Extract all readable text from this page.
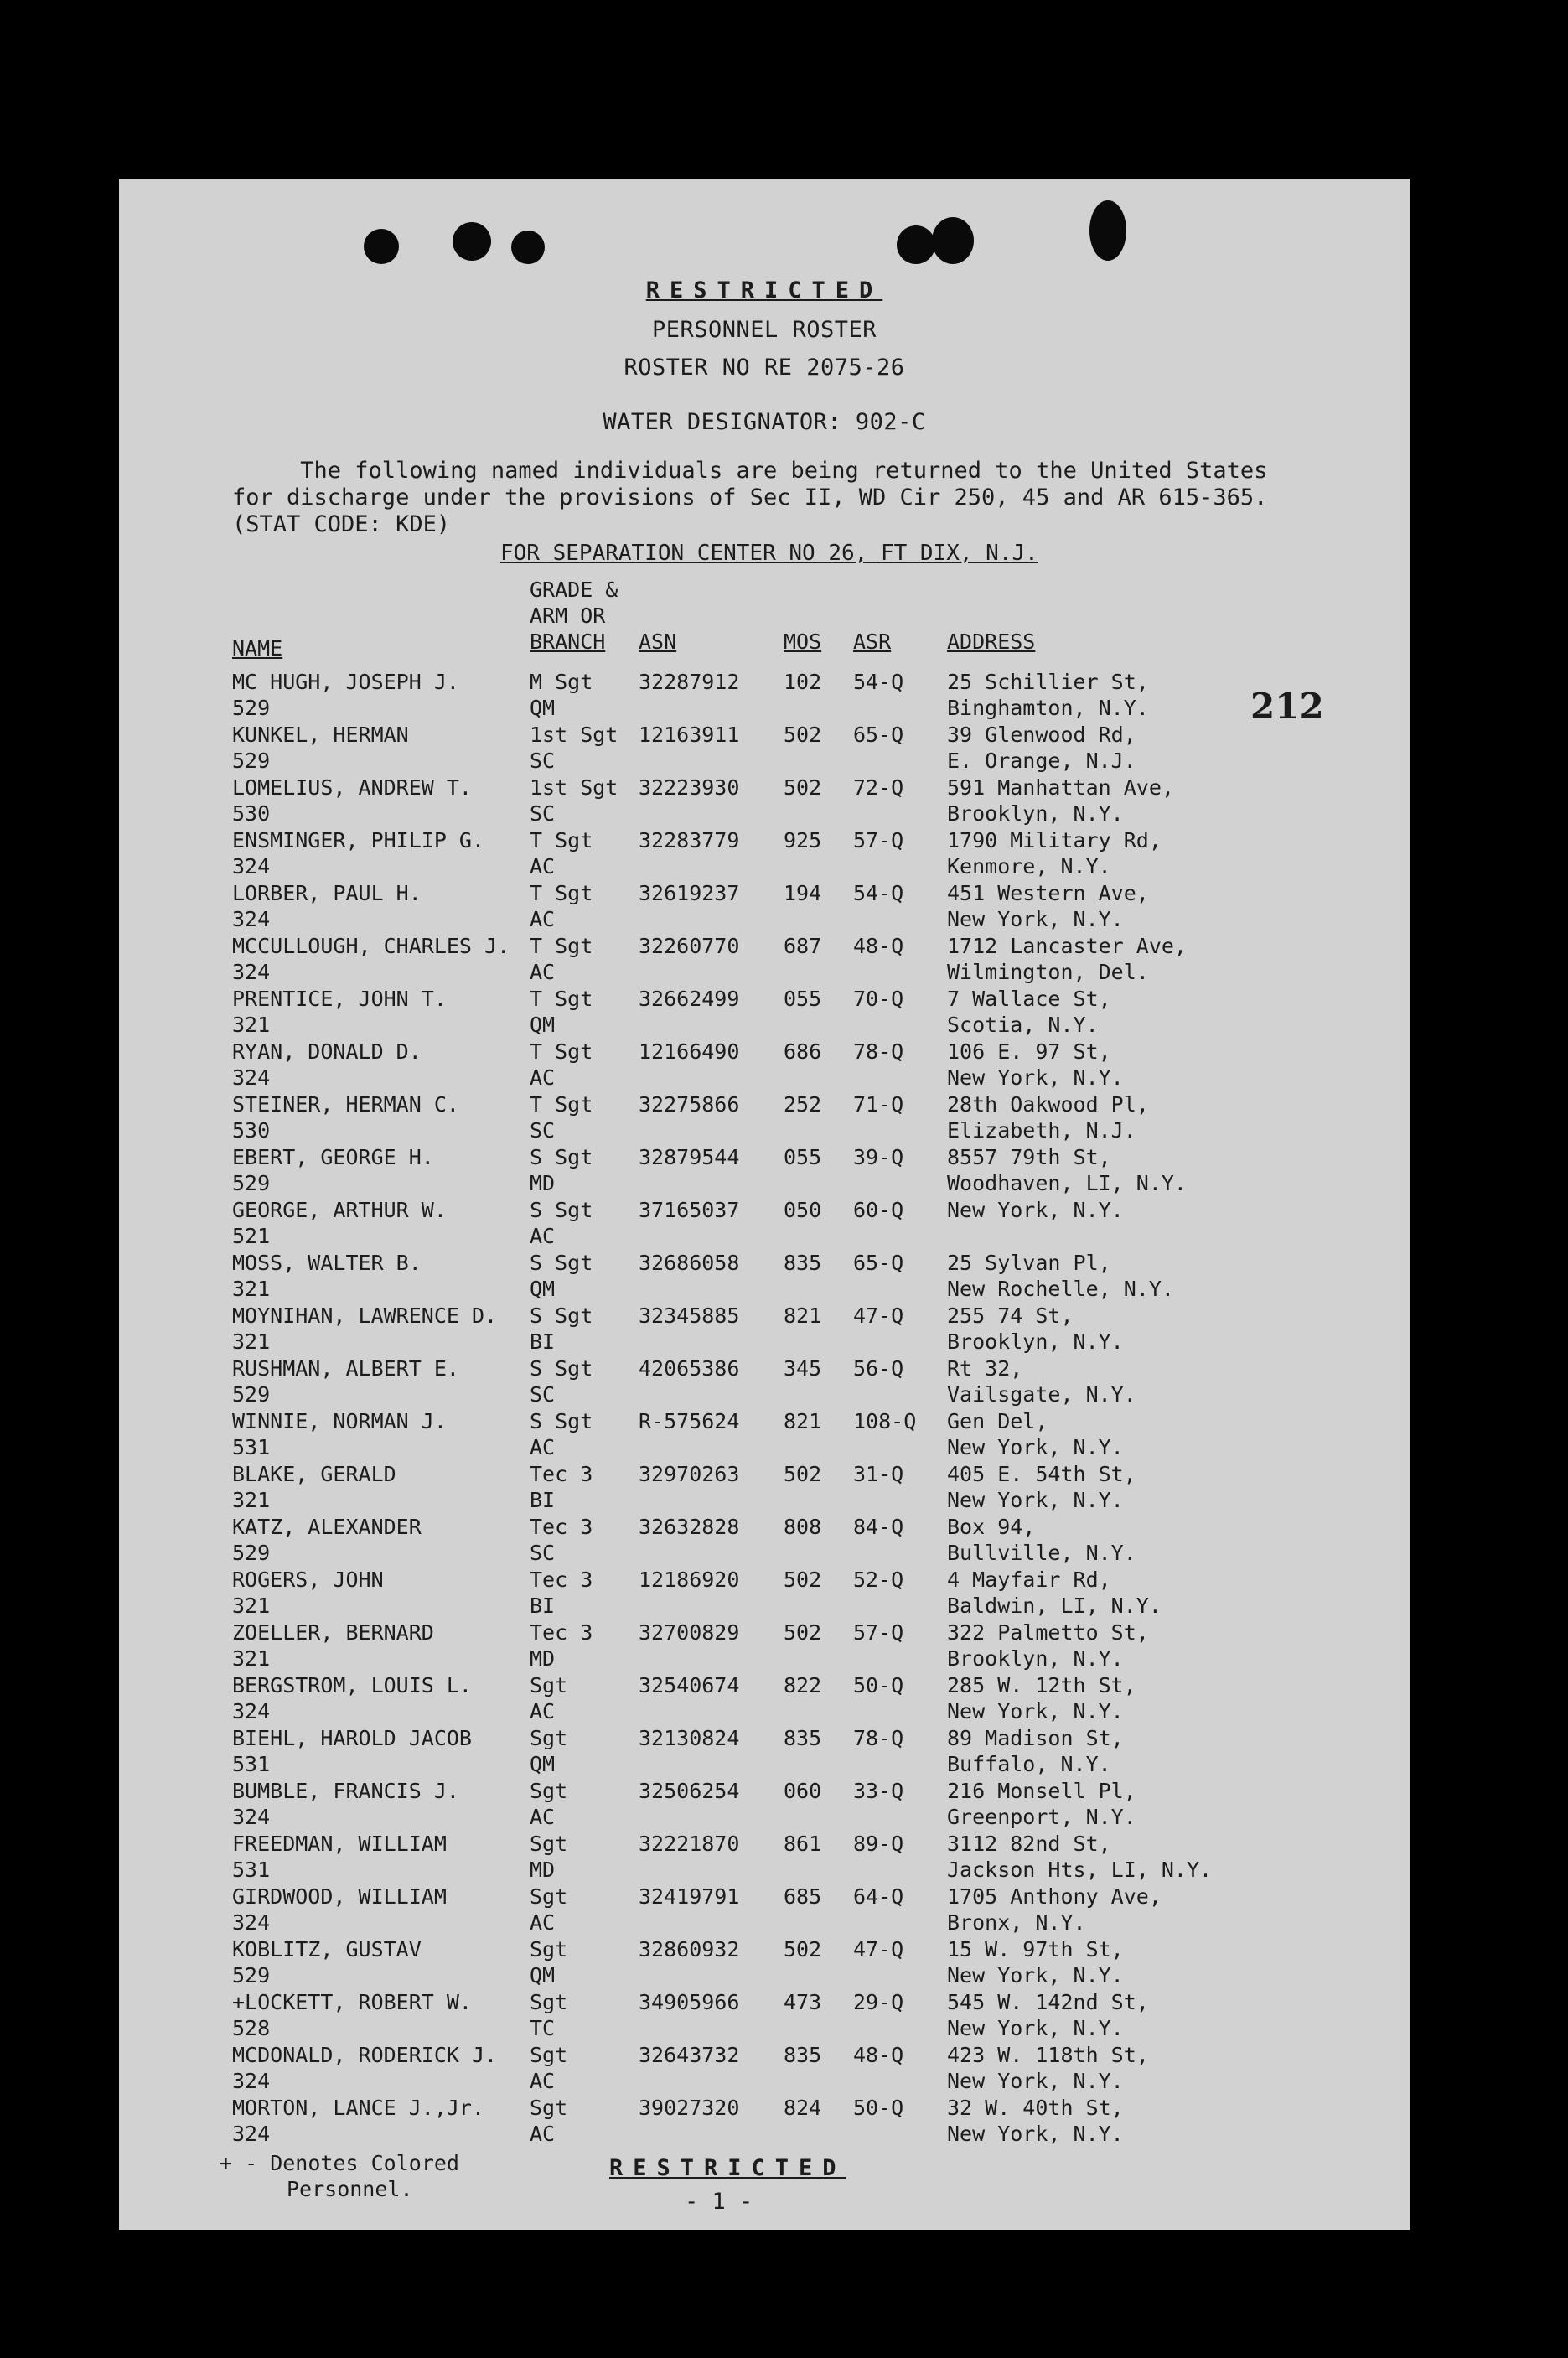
RESTRICTED
PERSONNEL ROSTER
ROSTER NO RE 2075-26
WATER DESIGNATOR: 902-C
The following named individuals are being returned to the United States
for discharge under the provisions of Sec II, WD Cir 250, 45 and AR 615-365.
(STAT CODE: KDE)
FOR SEPARATION CENTER NO 26, FT DIX, N.J.
212
NAME
GRADE &
ARM OR
BRANCH ASN	MOS ASR	ADDRESS
MC HUGH, JOSEPH J.
529
M Sgt
QM
32287912 102 54-Q 25 Schillier St,
Binghamton, N.Y.
KUNKEL, HERMAN
529
1st Sgt
SC
12163911 502 65-Q 39 Glenwood Rd,
E. Orange, N.J.
LOMELIUS, ANDREW T.
530
1st Sgt
SC
32223930 502 72-Q 591 Manhattan Ave,
Brooklyn, N.Y.
ENSMINGER, PHILIP G.
324
T Sgt
AC
32283779 925 57-Q 1790 Military Rd,
Kenmore, N.Y.
LORBER, PAUL H.
324
T Sgt
AC
32619237 194 54-Q 451 Western Ave,
New York, N.Y.
MCCULLOUGH, CHARLES J.
324
T Sgt
AC
32260770 687 48-Q 1712 Lancaster Ave,
Wilmington, Del.
PRENTICE, JOHN T.
321
T Sgt
QM
32662499 055 70-Q 7 Wallace St,
Scotia, N.Y.
RYAN, DONALD D.
324
T Sgt
AC
12166490 686 78-Q 106 E. 97 St,
New York, N.Y.
STEINER, HERMAN C.
530
T Sgt
SC
32275866 252 71-Q 28th Oakwood Pl,
Elizabeth, N.J.
EBERT, GEORGE H.
529
S Sgt
MD
32879544 055 39-Q 8557 79th St,
Woodhaven, LI, N.Y.
GEORGE, ARTHUR W.
521
S Sgt
AC
37165037 050 60-Q New York, N.Y.
MOSS, WALTER B.
321
S Sgt
QM
32686058 835 65-Q 25 Sylvan Pl,
New Rochelle, N.Y.
MOYNIHAN, LAWRENCE D.
321
S Sgt
BI
32345885 821 47-Q 255 74 St,
Brooklyn, N.Y.
RUSHMAN, ALBERT E.
529
S Sgt
SC
42065386 345 56-Q Rt 32,
Vailsgate, N.Y.
WINNIE, NORMAN J.
531
S Sgt
AC
R-575624 821 108-Q Gen Del,
New York, N.Y.
BLAKE, GERALD
321
Tec 3
BI
32970263 502 31-Q 405 E. 54th St,
New York, N.Y.
KATZ, ALEXANDER
529
Tec 3
SC
32632828 808 84-Q Box 94,
Bullville, N.Y.
ROGERS, JOHN
321
Tec 3
BI
12186920 502 52-Q 4 Mayfair Rd,
Baldwin, LI, N.Y.
ZOELLER, BERNARD
321
Tec 3
MD
32700829 502 57-Q 322 Palmetto St,
Brooklyn, N.Y.
BERGSTROM, LOUIS L.
324
Sgt
AC
32540674 822 50-Q 285 W. 12th St,
New York, N.Y.
BIEHL, HAROLD JACOB
531
Sgt
QM
32130824 835 78-Q 89 Madison St,
Buffalo, N.Y.
BUMBLE, FRANCIS J.
324
Sgt
AC
32506254 060 33-Q 216 Monsell Pl,
Greenport, N.Y.
FREEDMAN, WILLIAM
531
Sgt
MD
32221870 861 89-Q 3112 82nd St,
Jackson Hts, LI, N.Y.
GIRDWOOD, WILLIAM
324
Sgt
AC
32419791 685 64-Q 1705 Anthony Ave,
Bronx, N.Y.
KOBLITZ, GUSTAV
529
Sgt
QM
32860932 502 47-Q 15 W. 97th St,
New York, N.Y.
+LOCKETT, ROBERT W.
528
Sgt
TC
34905966 473 29-Q 545 W. 142nd St,
New York, N.Y.
MCDONALD, RODERICK J.
324
Sgt
AC
32643732 835 48-Q 423 W. 118th St,
New York, N.Y.
MORTON, LANCE J.,Jr.
324
Sgt
AC
39027320 824 50-Q 32 W. 40th St,
New York, N.Y.
+ - Denotes Colored
Personnel.
RESTRICTED
- 1 -
